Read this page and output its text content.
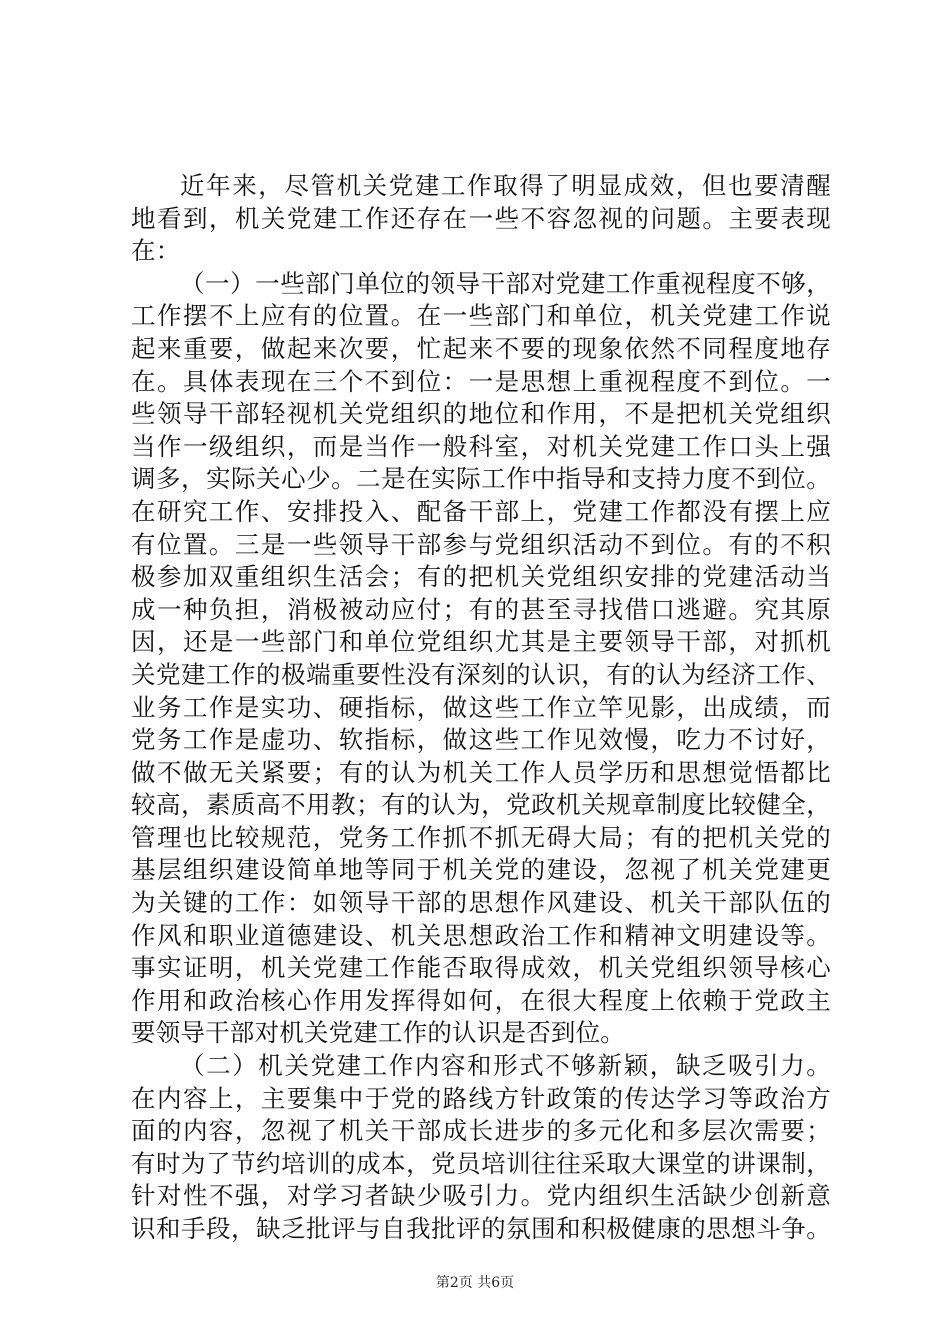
近年来，尽管机关党建工作取得了明显成效，但也要清醒
地看到，机关党建工作还存在一些不容忽视的问题。主要表现
在：
（一）一些部门单位的领导干部对党建工作重视程度不够，
工作摆不上应有的位置。在一些部门和单位，机关党建工作说
起来重要，做起来次要，忙起来不要的现象依然不同程度地存
在。具体表现在三个不到位：一是思想上重视程度不到位。一
些领导干部轻视机关党组织的地位和作用，不是把机关党组织
当作一级组织，而是当作一般科室，对机关党建工作口头上强
调多，实际关心少。二是在实际工作中指导和支持力度不到位。
在研究工作、安排投入、配备干部上，党建工作都没有摆上应
有位置。三是一些领导干部参与党组织活动不到位。有的不积
极参加双重组织生活会；有的把机关党组织安排的党建活动当
成一种负担，消极被动应付；有的甚至寻找借口逃避。究其原
因，还是一些部门和单位党组织尤其是主要领导干部，对抓机
关党建工作的极端重要性没有深刻的认识，有的认为经济工作、
业务工作是实功、硬指标，做这些工作立竿见影，出成绩，而
党务工作是虚功、软指标，做这些工作见效慢，吃力不讨好，
做不做无关紧要；有的认为机关工作人员学历和思想觉悟都比
较高，素质高不用教；有的认为，党政机关规章制度比较健全，
管理也比较规范，党务工作抓不抓无碍大局；有的把机关党的
基层组织建设简单地等同于机关党的建设，忽视了机关党建更
为关键的工作：如领导干部的思想作风建设、机关干部队伍的
作风和职业道德建设、机关思想政治工作和精神文明建设等。
事实证明，机关党建工作能否取得成效，机关党组织领导核心
作用和政治核心作用发挥得如何，在很大程度上依赖于党政主
要领导干部对机关党建工作的认识是否到位。
（二）机关党建工作内容和形式不够新颖，缺乏吸引力。
在内容上，主要集中于党的路线方针政策的传达学习等政治方
面的内容，忽视了机关干部成长进步的多元化和多层次需要；
有时为了节约培训的成本，党员培训往往采取大课堂的讲课制，
针对性不强，对学习者缺少吸引力。党内组织生活缺少创新意
识和手段，缺乏批评与自我批评的氛围和积极健康的思想斗争。
第2页 共6页
